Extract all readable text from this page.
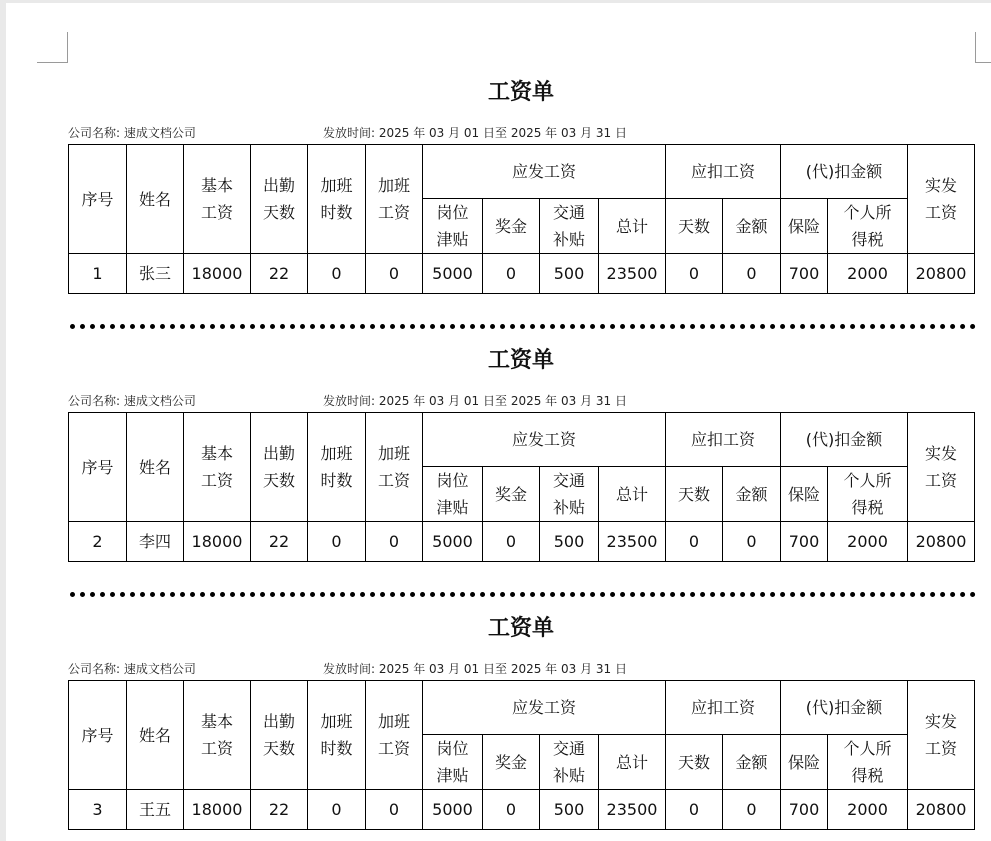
工资单
公司名称: 速成文档公司	发放时间: 2025 年 03 月 01 日至 2025 年 03 月 31 日
序号	姓名	基本工资	出勤天数	加班时数	加班工资	应发工资				应扣工资		(代)扣金额		实发工资
						岗位津贴	奖金	交通补贴	总计	天数	金额	保险	个人所得税	
1	张三	18000	22	0	0	5000	0	500	23500	0	0	700	2000	20800
工资单
公司名称: 速成文档公司	发放时间: 2025 年 03 月 01 日至 2025 年 03 月 31 日
序号	姓名	基本工资	出勤天数	加班时数	加班工资	应发工资				应扣工资		(代)扣金额		实发工资
						岗位津贴	奖金	交通补贴	总计	天数	金额	保险	个人所得税	
2	李四	18000	22	0	0	5000	0	500	23500	0	0	700	2000	20800
工资单
公司名称: 速成文档公司	发放时间: 2025 年 03 月 01 日至 2025 年 03 月 31 日
序号	姓名	基本工资	出勤天数	加班时数	加班工资	应发工资				应扣工资		(代)扣金额		实发工资
						岗位津贴	奖金	交通补贴	总计	天数	金额	保险	个人所得税	
3	王五	18000	22	0	0	5000	0	500	23500	0	0	700	2000	20800
